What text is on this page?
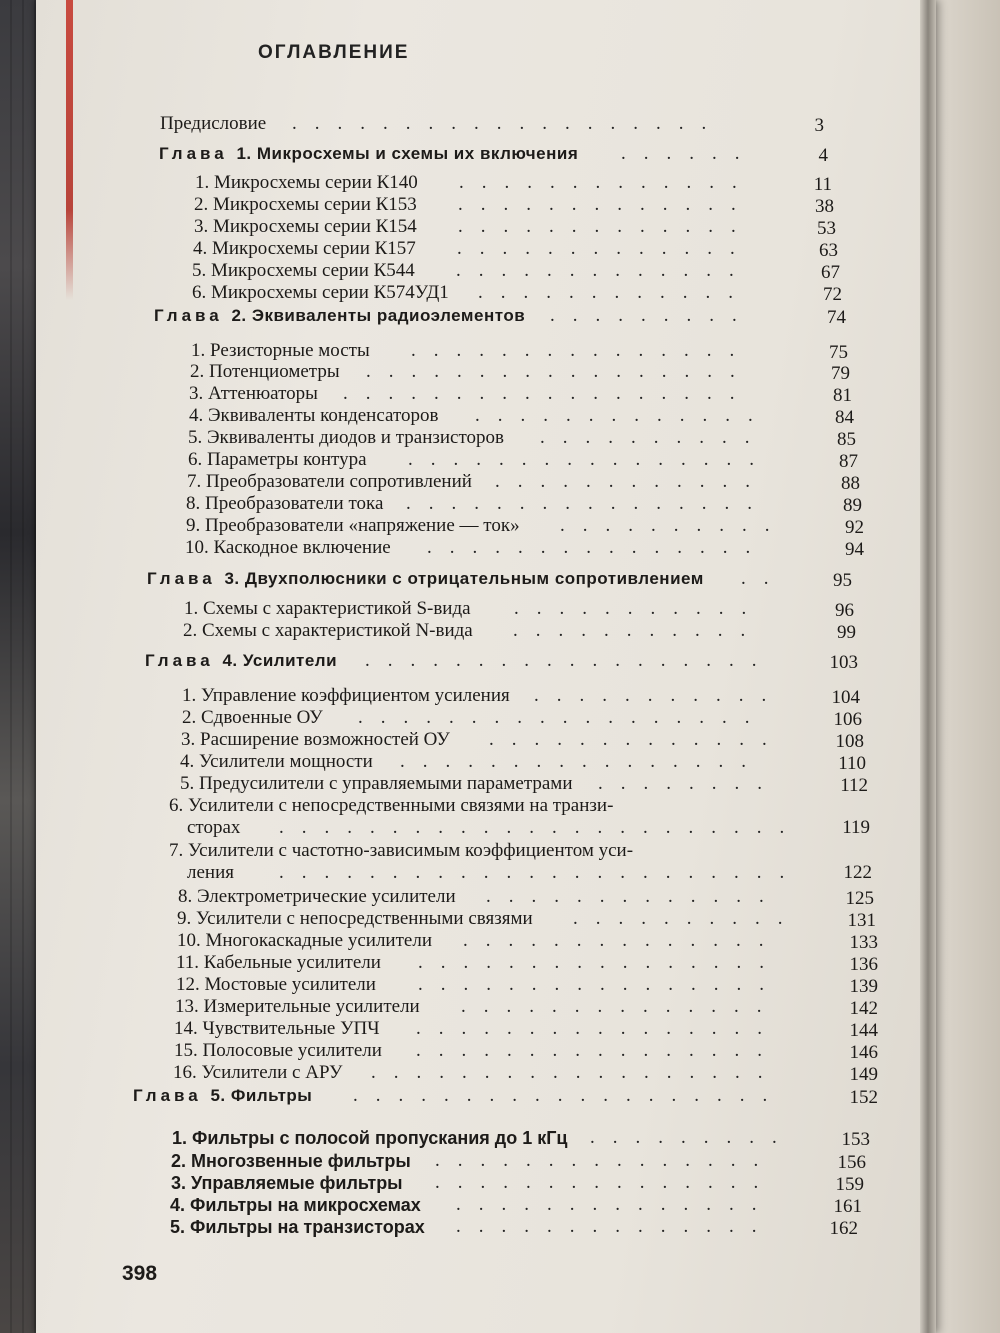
ОГЛАВЛЕНИЕ
Предисловие ...................	3
Глава 1. Микросхемы и схемы их включения ......	4
1. Микросхемы серии К140 .............	11
2. Микросхемы серии К153 .............	38
3. Микросхемы серии К154 .............	53
4. Микросхемы серии К157 .............	63
5. Микросхемы серии К544 .............	67
6. Микросхемы серии К574УД1 ............	72
Глава 2. Эквиваленты радиоэлементов .........	74
1. Резисторные мосты ...............	75
2. Потенциометры .................	79
3. Аттенюаторы ..................	81
4. Эквиваленты конденсаторов .............	84
5. Эквиваленты диодов и транзисторов ..........	85
6. Параметры контура ................	87
7. Преобразователи сопротивлений ............	88
8. Преобразователи тока ................	89
9. Преобразователи «напряжение — ток» ..........	92
10. Каскодное включение ...............	94
Глава 3. Двухполюсники с отрицательным сопротивлением ..	95
1. Схемы с характеристикой S-вида ...........	96
2. Схемы с характеристикой N-вида ...........	99
Глава 4. Усилители ..................	103
1. Управление коэффициентом усиления ...........	104
2. Сдвоенные ОУ ..................	106
3. Расширение возможностей ОУ .............	108
4. Усилители мощности ................	110
5. Предусилители с управляемыми параметрами ........	112
6. Усилители с непосредственными связями на транзи-
сторах .......................	119
7. Усилители с частотно-зависимым коэффициентом уси-
ления .......................	122
8. Электрометрические усилители .............	125
9. Усилители с непосредственными связями ..........	131
10. Многокаскадные усилители ..............	133
11. Кабельные усилители ................	136
12. Мостовые усилители ................	139
13. Измерительные усилители ..............	142
14. Чувствительные УПЧ ................	144
15. Полосовые усилители ................	146
16. Усилители с АРУ ..................	149
Глава 5. Фильтры ...................	152
1. Фильтры с полосой пропускания до 1 кГц .........	153
2. Многозвенные фильтры ...............	156
3. Управляемые фильтры ...............	159
4. Фильтры на микросхемах ..............	161
5. Фильтры на транзисторах ..............	162
398
